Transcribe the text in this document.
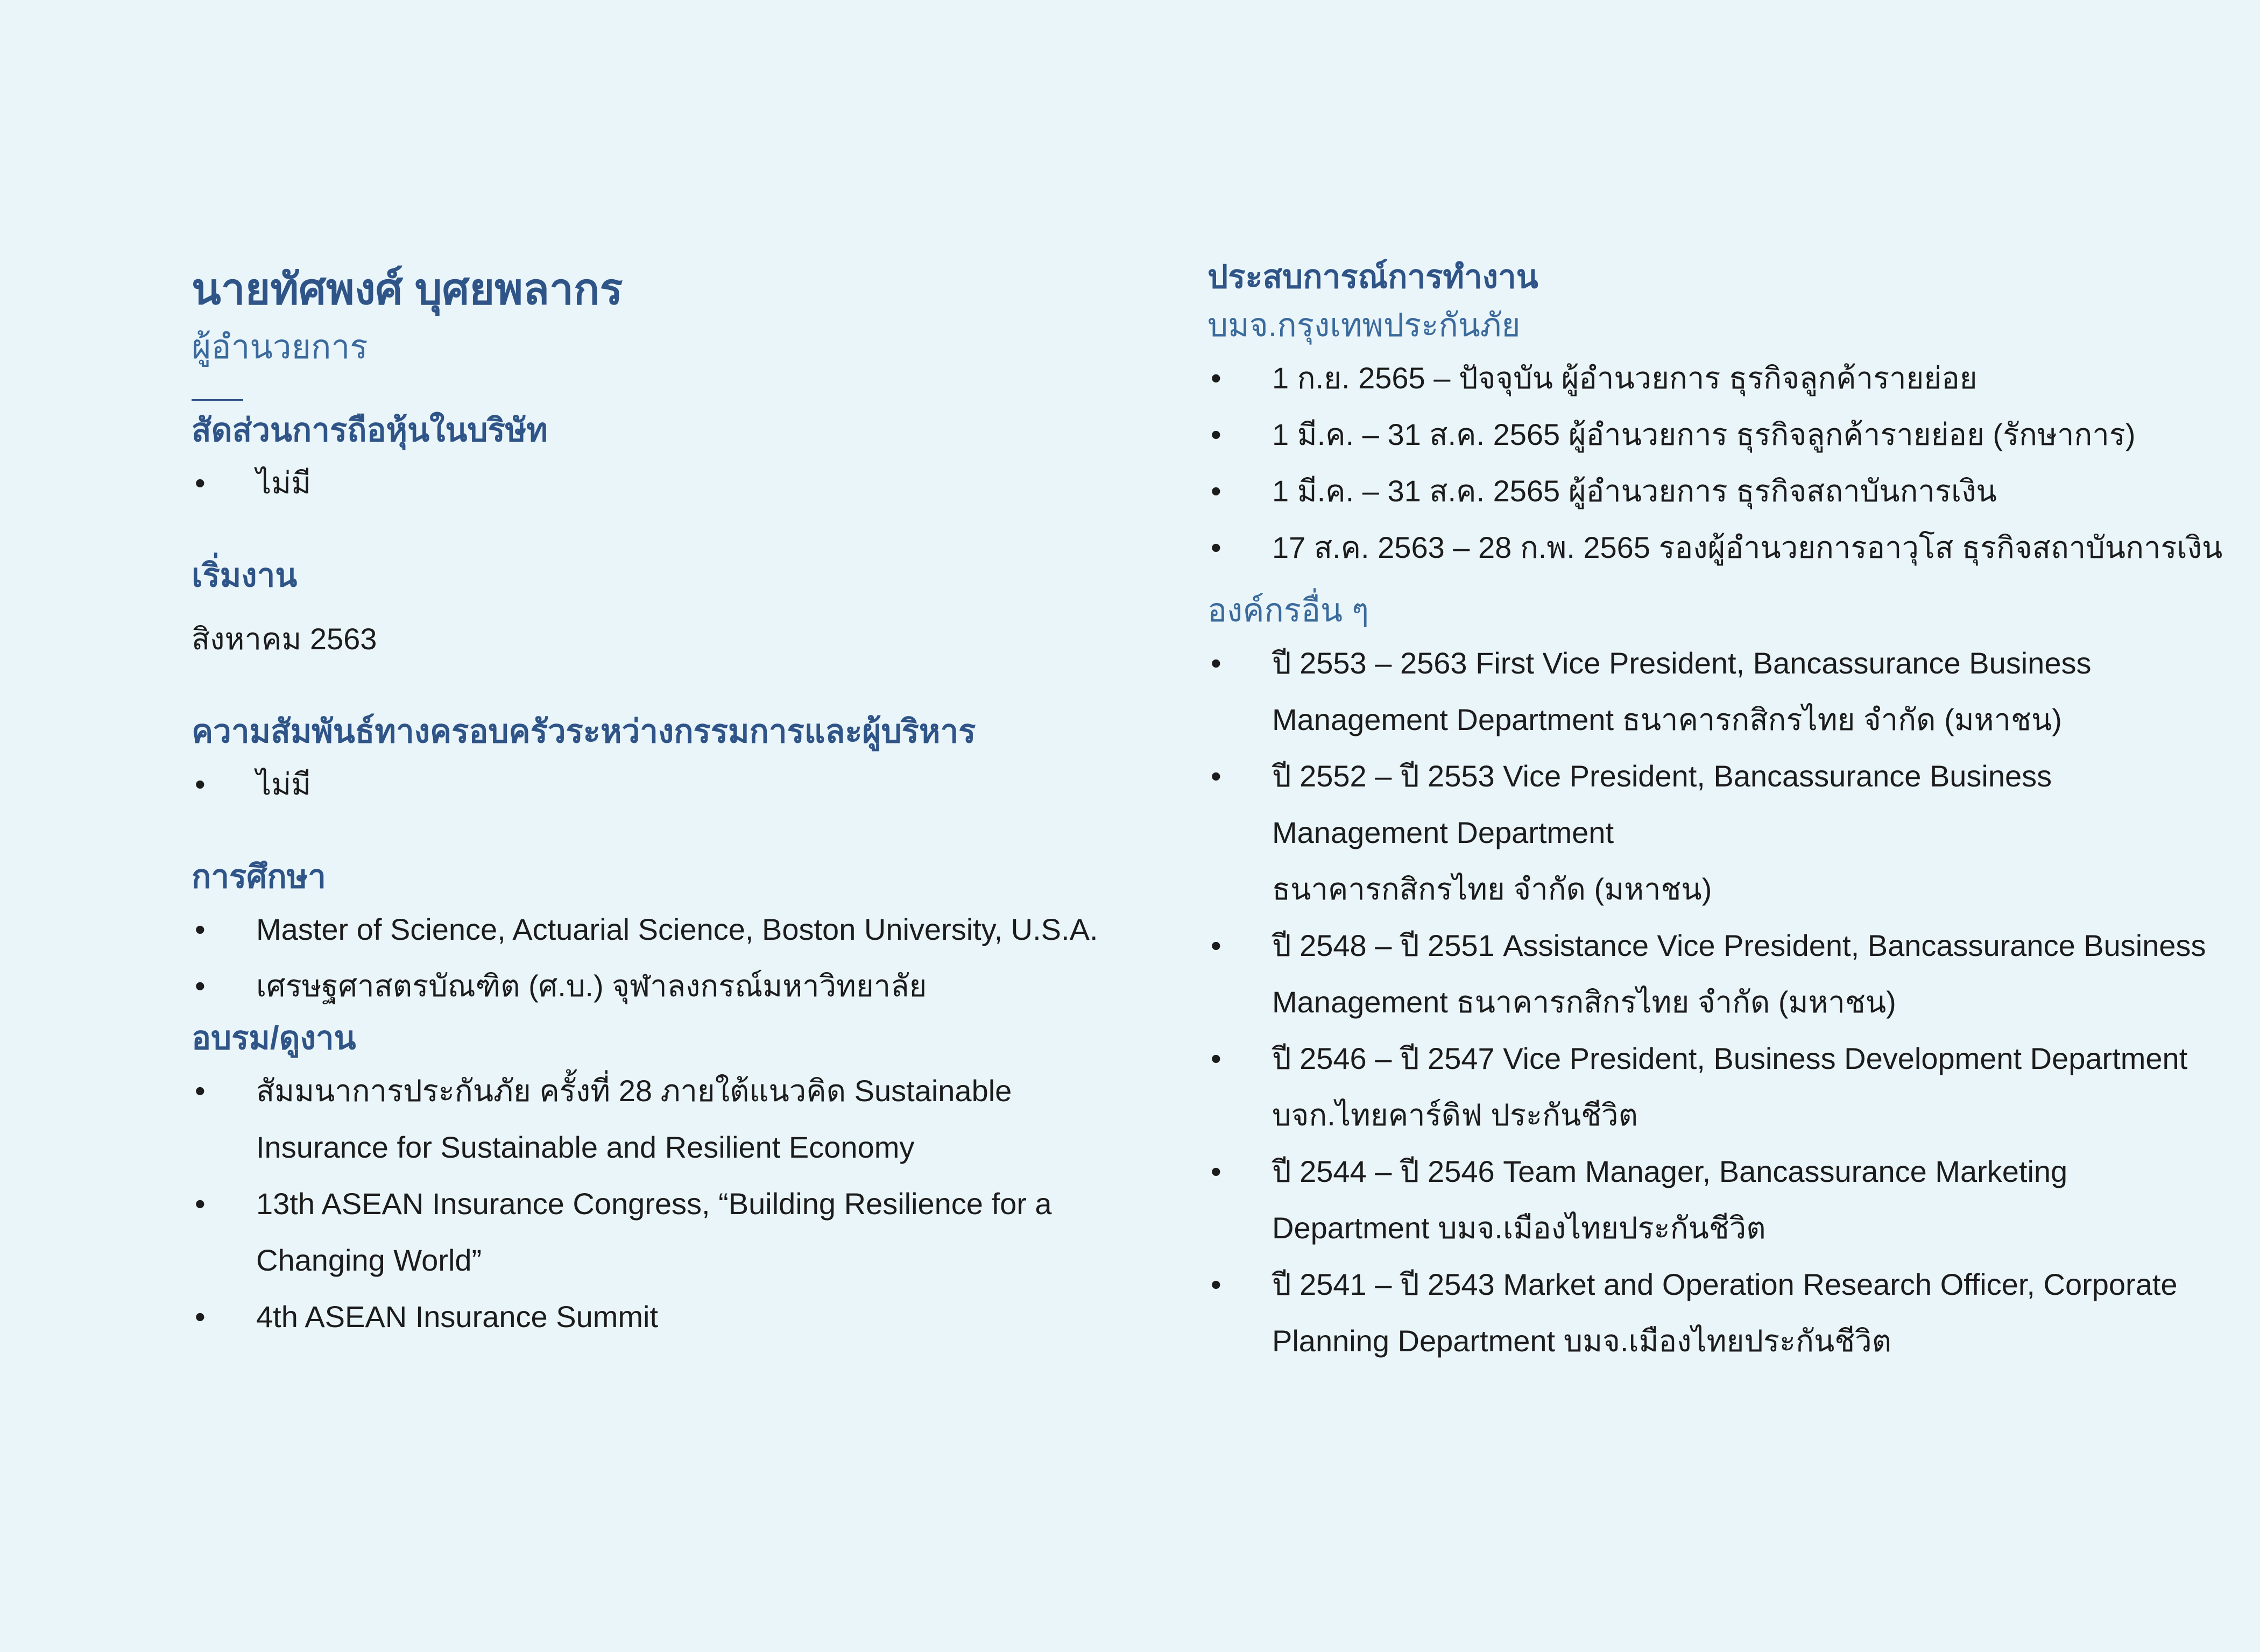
นายทัศพงศ์ บุศยพลากร
ผู้อำนวยการ
สัดส่วนการถือหุ้นในบริษัท
• ไม่มี
เริ่มงาน

สิงหาคม 2563

ความสัมพันธ์ทางครอบครัวระหว่างกรรมการและผู้บริหาร
• ไม่มี
การศึกษา
• Master of Science, Actuarial Science, Boston University, U.S.A.
• เศรษฐศาสตรบัณฑิต (ศ.บ.) จุฬาลงกรณ์มหาวิทยาลัย
อบรม/ดูงาน
• สัมมนาการประกันภัย ครั้งที่ 28 ภายใต้แนวคิด Sustainable Insurance for Sustainable and Resilient Economy
• 13th ASEAN Insurance Congress, “Building Resilience for a Changing World”
• 4th ASEAN Insurance Summit
ประสบการณ์การทำงาน
บมจ.กรุงเทพประกันภัย
• 1 ก.ย. 2565 – ปัจจุบัน ผู้อำนวยการ ธุรกิจลูกค้ารายย่อย
• 1 มี.ค. – 31 ส.ค. 2565 ผู้อำนวยการ ธุรกิจลูกค้ารายย่อย (รักษาการ)
• 1 มี.ค. – 31 ส.ค. 2565 ผู้อำนวยการ ธุรกิจสถาบันการเงิน
• 17 ส.ค. 2563 – 28 ก.พ. 2565 รองผู้อำนวยการอาวุโส ธุรกิจสถาบันการเงิน
องค์กรอื่น ๆ
• ปี 2553 – 2563 First Vice President, Bancassurance Business Management Department ธนาคารกสิกรไทย จำกัด (มหาชน)
• ปี 2552 – ปี 2553 Vice President, Bancassurance Business Management Department
ธนาคารกสิกรไทย จำกัด (มหาชน)
• ปี 2548 – ปี 2551 Assistance Vice President, Bancassurance Business Management ธนาคารกสิกรไทย จำกัด (มหาชน)
• ปี 2546 – ปี 2547 Vice President, Business Development Department บจก.ไทยคาร์ดิฟ ประกันชีวิต
• ปี 2544 – ปี 2546 Team Manager, Bancassurance Marketing Department บมจ.เมืองไทยประกันชีวิต
• ปี 2541 – ปี 2543 Market and Operation Research Officer, Corporate Planning Department บมจ.เมืองไทยประกันชีวิต
